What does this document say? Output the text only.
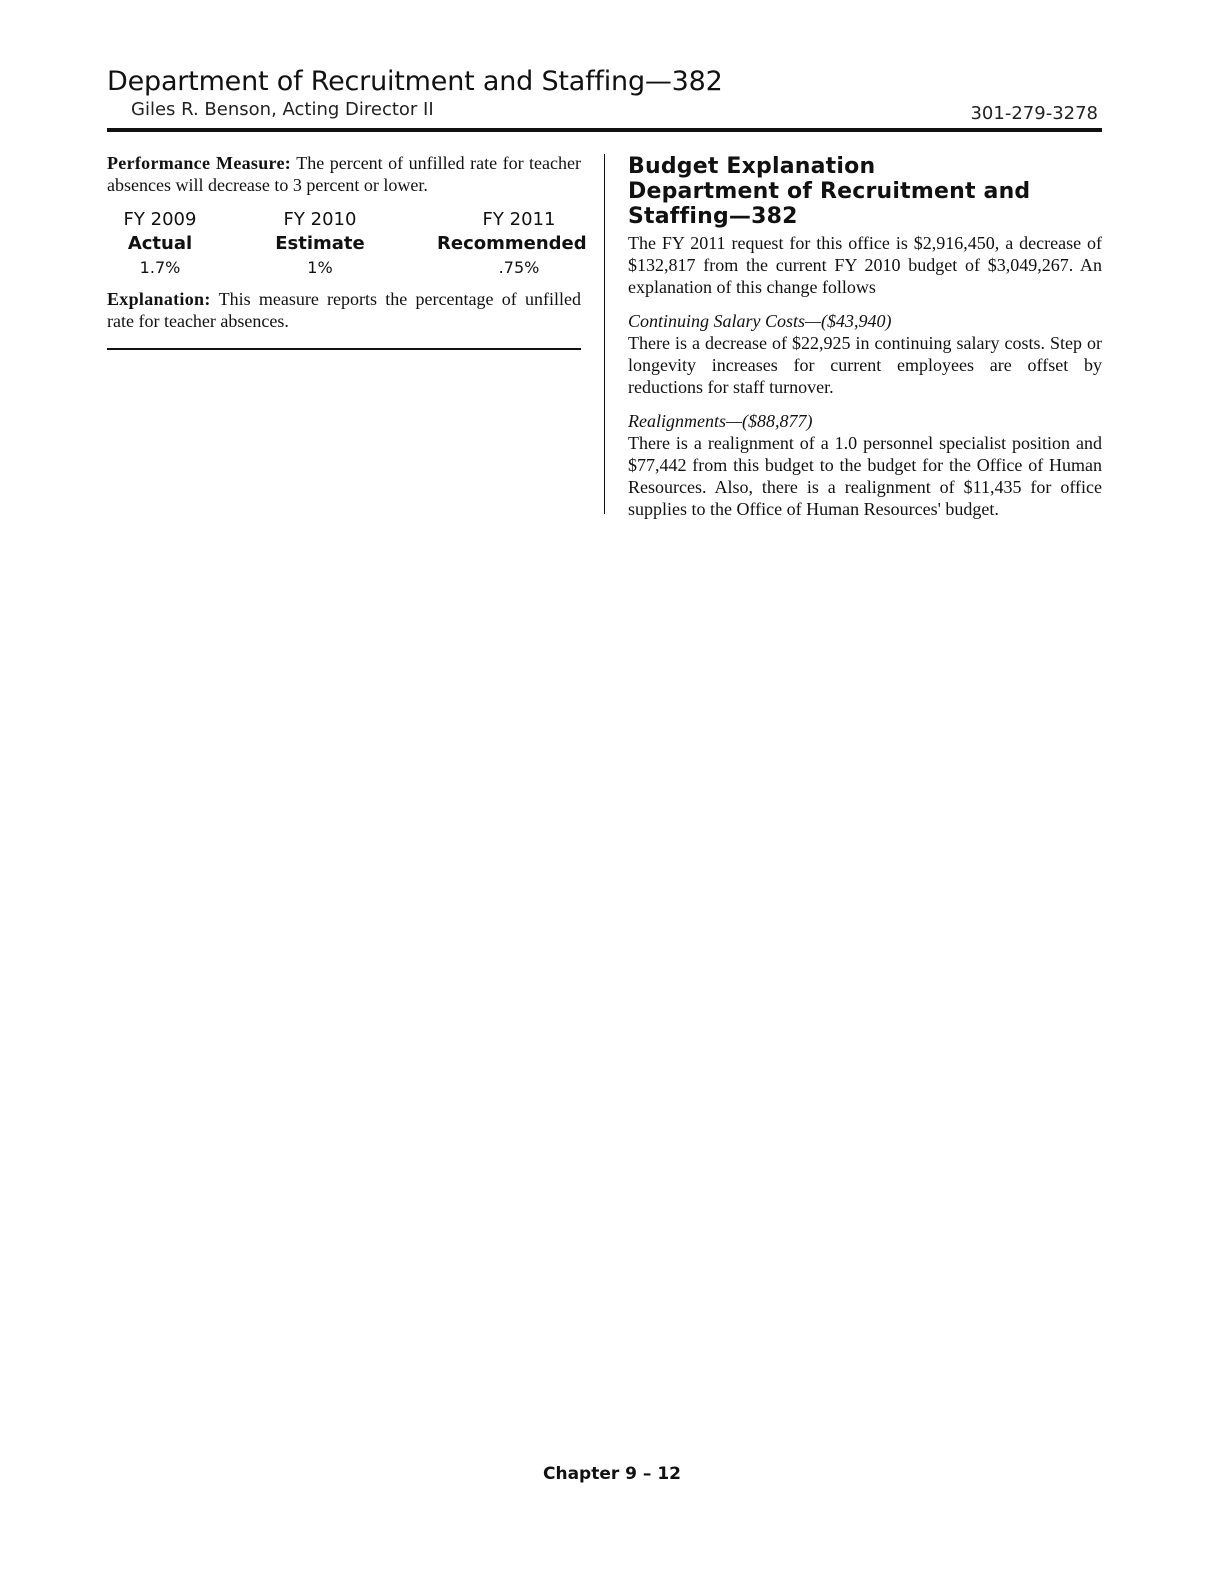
Department of Recruitment and Staffing—382
Giles R. Benson, Acting Director II	301-279-3278

Performance Measure: The percent of unfilled rate for teacher absences will decrease to 3 percent or lower.

FY 2009
Actual
1.7%
FY 2010
Estimate
1%
FY 2011
Recommended
.75%

Explanation: This measure reports the percentage of unfilled rate for teacher absences.

Budget Explanation
Department of Recruitment and
Staffing—382

The FY 2011 request for this office is $2,916,450, a decrease of $132,817 from the current FY 2010 budget of $3,049,267. An explanation of this change follows

Continuing Salary Costs—($43,940)

There is a decrease of $22,925 in continuing salary costs. Step or longevity increases for current employees are offset by reductions for staff turnover.

Realignments—($88,877)

There is a realignment of a 1.0 personnel specialist position and $77,442 from this budget to the budget for the Office of Human Resources. Also, there is a realignment of $11,435 for office supplies to the Office of Human Resources' budget.

Chapter 9 – 12
